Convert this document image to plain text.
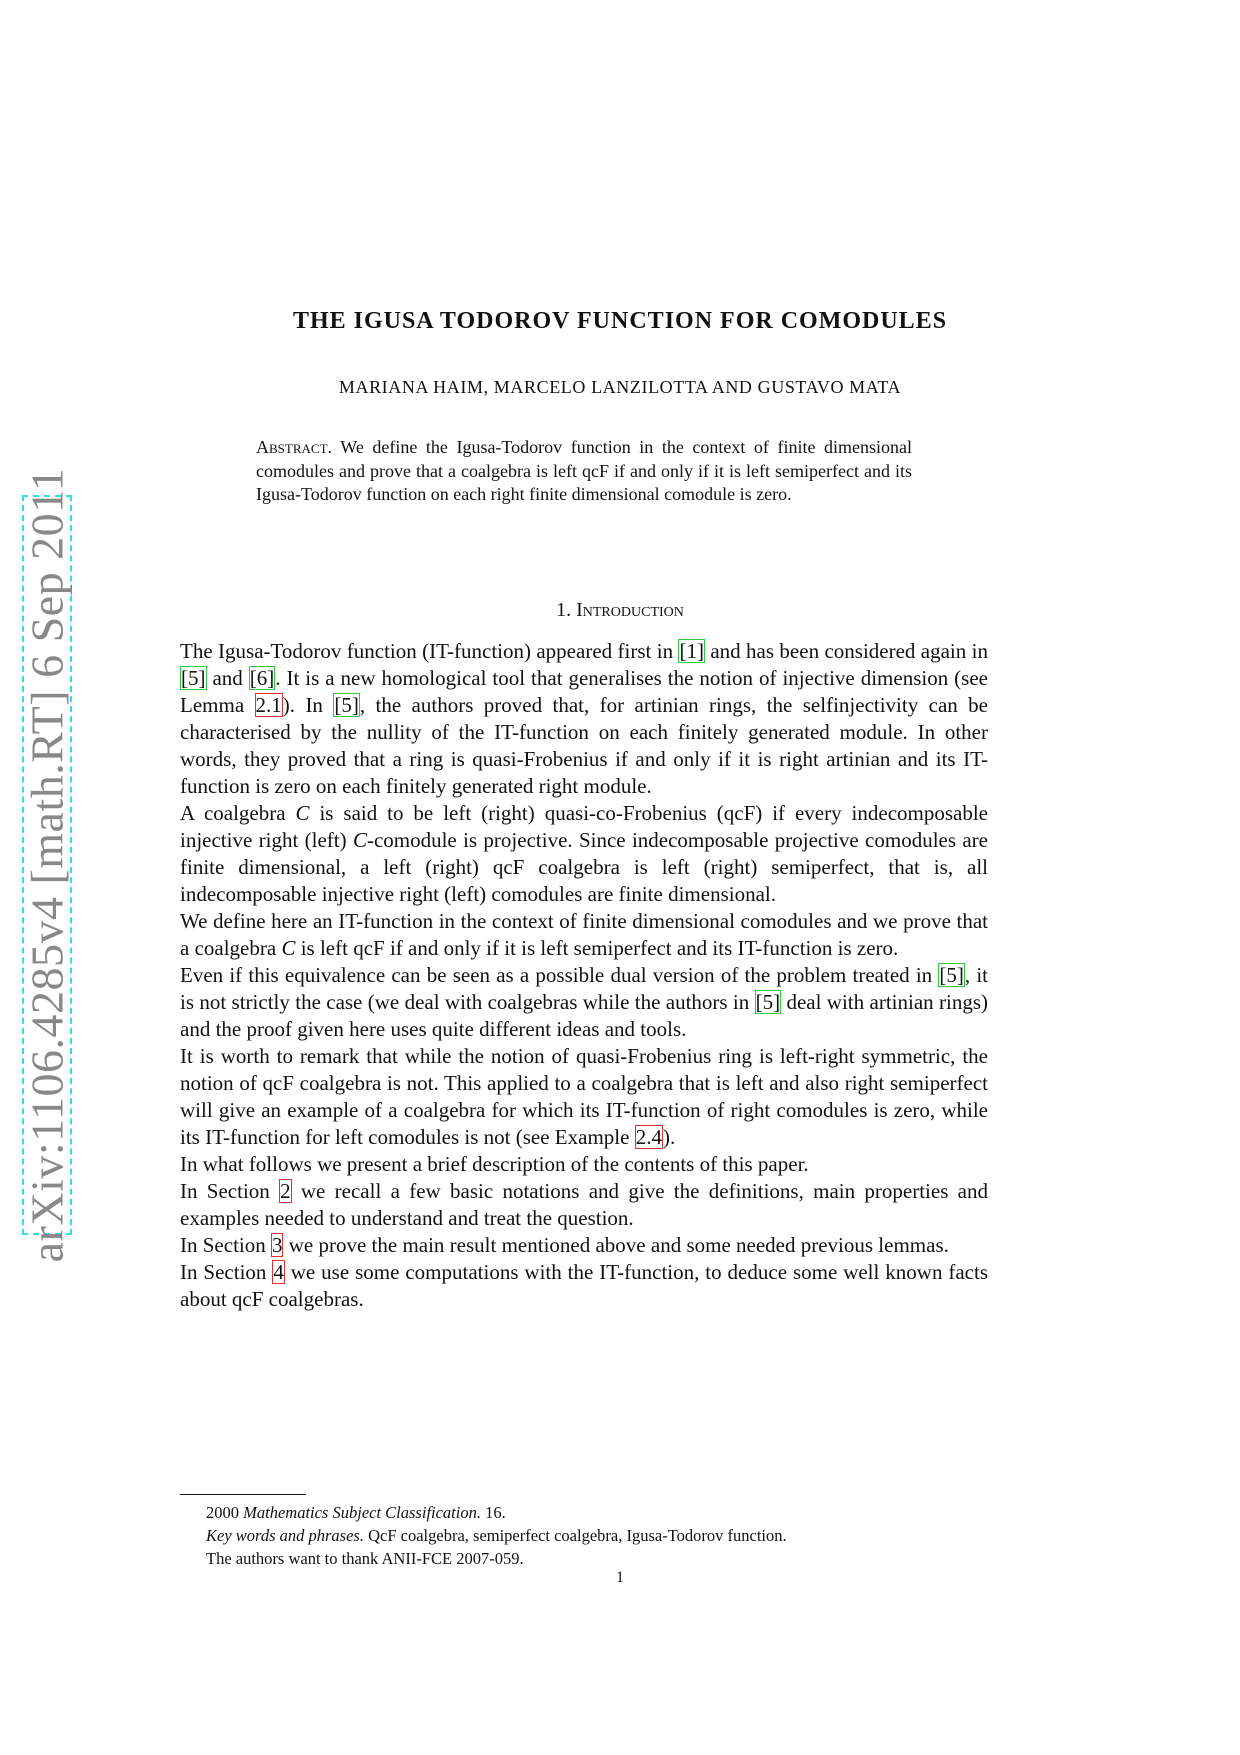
arXiv:1106.4285v4 [math.RT] 6 Sep 2011
THE IGUSA TODOROV FUNCTION FOR COMODULES
MARIANA HAIM, MARCELO LANZILOTTA AND GUSTAVO MATA
Abstract. We define the Igusa-Todorov function in the context of finite dimensional comodules and prove that a coalgebra is left qcF if and only if it is left semiperfect and its Igusa-Todorov function on each right finite dimensional comodule is zero.
1. Introduction

The Igusa-Todorov function (IT-function) appeared first in [1] and has been considered again in [5] and [6]. It is a new homological tool that generalises the notion of injective dimension (see Lemma 2.1). In [5], the authors proved that, for artinian rings, the selfinjectivity can be characterised by the nullity of the IT-function on each finitely generated module. In other words, they proved that a ring is quasi-Frobenius if and only if it is right artinian and its IT-function is zero on each finitely generated right module.

A coalgebra C is said to be left (right) quasi-co-Frobenius (qcF) if every indecomposable injective right (left) C-comodule is projective. Since indecomposable projective comodules are finite dimensional, a left (right) qcF coalgebra is left (right) semiperfect, that is, all indecomposable injective right (left) comodules are finite dimensional.

We define here an IT-function in the context of finite dimensional comodules and we prove that a coalgebra C is left qcF if and only if it is left semiperfect and its IT-function is zero.

Even if this equivalence can be seen as a possible dual version of the problem treated in [5], it is not strictly the case (we deal with coalgebras while the authors in [5] deal with artinian rings) and the proof given here uses quite different ideas and tools.

It is worth to remark that while the notion of quasi-Frobenius ring is left-right symmetric, the notion of qcF coalgebra is not. This applied to a coalgebra that is left and also right semiperfect will give an example of a coalgebra for which its IT-function of right comodules is zero, while its IT-function for left comodules is not (see Example 2.4).

In what follows we present a brief description of the contents of this paper.

In Section 2 we recall a few basic notations and give the definitions, main properties and examples needed to understand and treat the question.

In Section 3 we prove the main result mentioned above and some needed previous lemmas.

In Section 4 we use some computations with the IT-function, to deduce some well known facts about qcF coalgebras.

2000 Mathematics Subject Classification. 16.
Key words and phrases. QcF coalgebra, semiperfect coalgebra, Igusa-Todorov function.
The authors want to thank ANII-FCE 2007-059.
1
